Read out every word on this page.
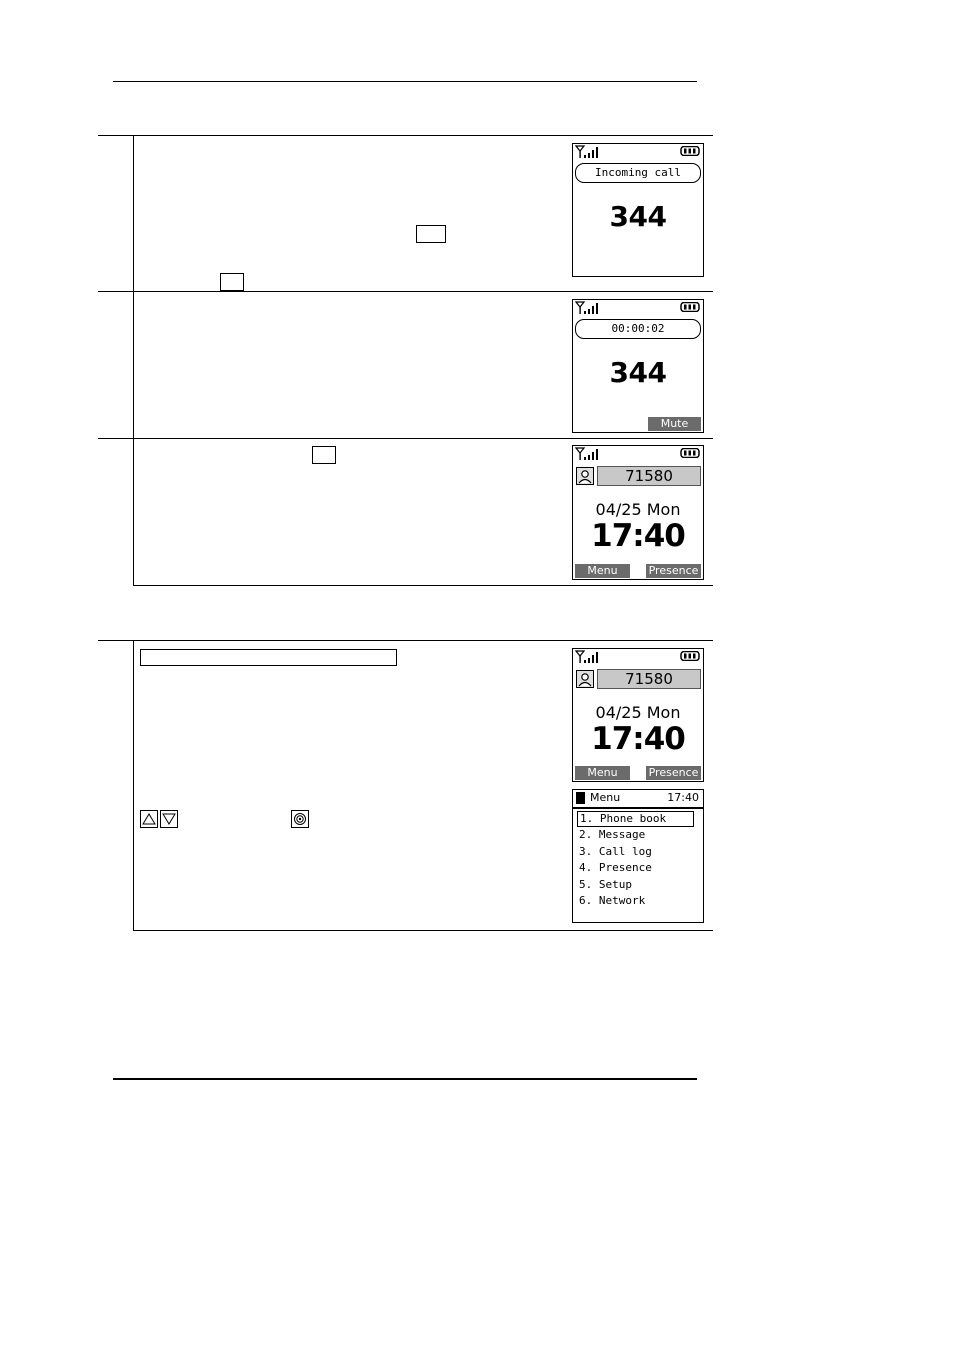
Incoming call
344
00:00:02
344
Mute
71580
04/25 Mon
17:40
Menu	Presence
71580
04/25 Mon
17:40
Menu	Presence
Menu	17:40
1. Phone book
2. Message
3. Call log
4. Presence
5. Setup
6. Network
